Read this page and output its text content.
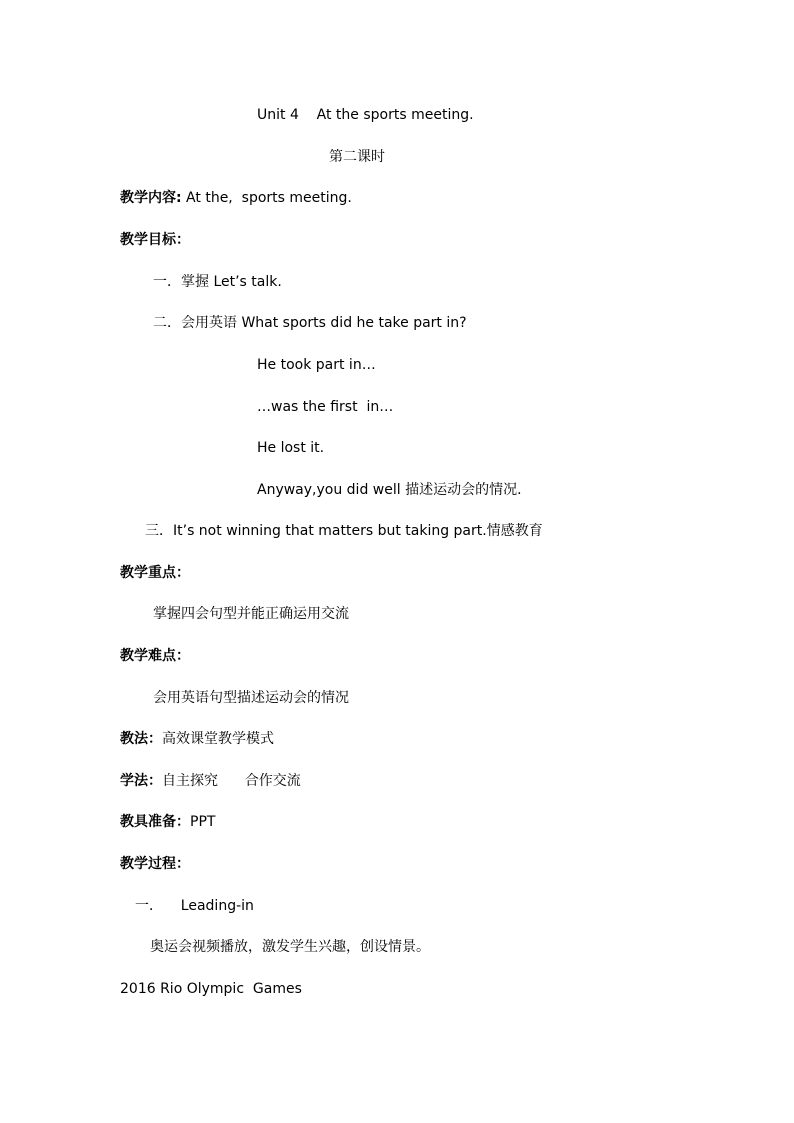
Unit 4    At the sports meeting.
第二课时
教学内容: At the,  sports meeting.
教学目标：
一．掌握 Let’s talk.
二．会用英语 What sports did he take part in?
He took part in…
…was the first  in…
He lost it.
Anyway,you did well 描述运动会的情况.
三．It’s not winning that matters but taking part.情感教育
教学重点：
掌握四会句型并能正确运用交流
教学难点：
会用英语句型描述运动会的情况
教法：高效课堂教学模式
学法：自主探究      合作交流
教具准备：PPT
教学过程：
一．    Leading-in
奥运会视频播放，激发学生兴趣，创设情景。
2016 Rio Olympic  Games
